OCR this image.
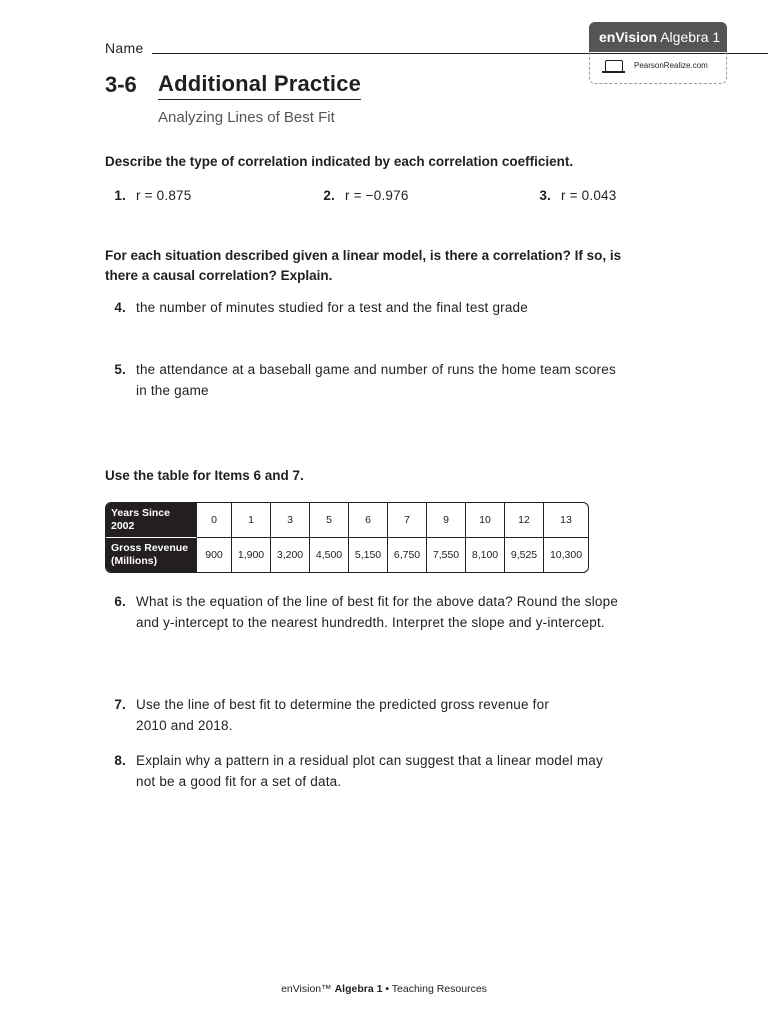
Name
enVision Algebra 1
PearsonRealize.com
3-6 Additional Practice
Analyzing Lines of Best Fit
Describe the type of correlation indicated by each correlation coefficient.
1. r = 0.875	2. r = −0.976	3. r = 0.043
For each situation described given a linear model, is there a correlation? If so, is
there a causal correlation? Explain.
4. the number of minutes studied for a test and the final test grade
5. the attendance at a baseball game and number of runs the home team scores
in the game
Use the table for Items 6 and 7.
Years Since
2002	0	1	3	5	6	7	9	10	12	13

Gross Revenue
(Millions)	900	1,900	3,200	4,500	5,150	6,750	7,550	8,100	9,525	10,300
6. What is the equation of the line of best fit for the above data? Round the slope
and y-intercept to the nearest hundredth. Interpret the slope and y-intercept.
7. Use the line of best fit to determine the predicted gross revenue for
2010 and 2018.
8. Explain why a pattern in a residual plot can suggest that a linear model may
not be a good fit for a set of data.
enVision™ Algebra 1 • Teaching Resources
